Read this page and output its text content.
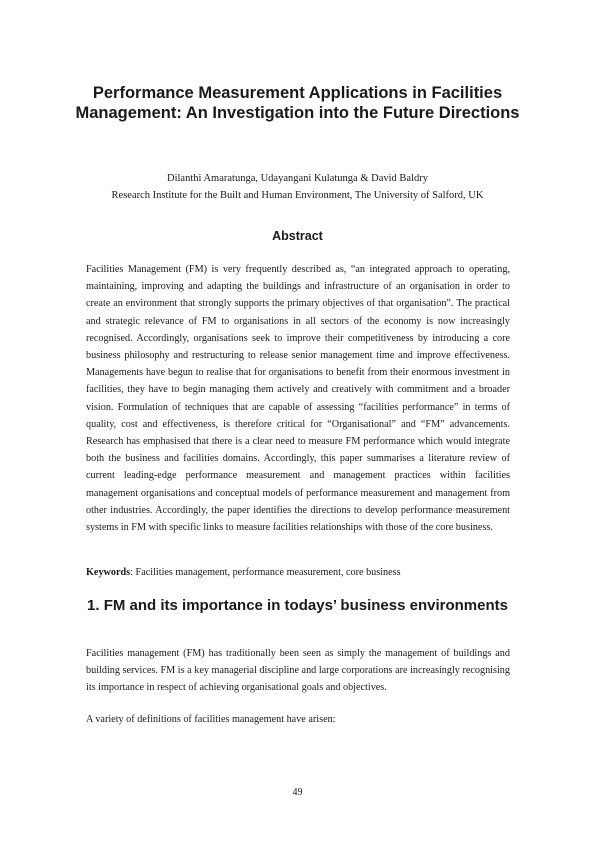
Performance Measurement Applications in Facilities Management: An Investigation into the Future Directions
Dilanthi Amaratunga, Udayangani Kulatunga & David Baldry
Research Institute for the Built and Human Environment, The University of Salford, UK
Abstract

Facilities Management (FM) is very frequently described as, “an integrated approach to operating, maintaining, improving and adapting the buildings and infrastructure of an organisation in order to create an environment that strongly supports the primary objectives of that organisation”. The practical and strategic relevance of FM to organisations in all sectors of the economy is now increasingly recognised. Accordingly, organisations seek to improve their competitiveness by introducing a core business philosophy and restructuring to release senior management time and improve effectiveness. Managements have begun to realise that for organisations to benefit from their enormous investment in facilities, they have to begin managing them actively and creatively with commitment and a broader vision. Formulation of techniques that are capable of assessing “facilities performance” in terms of quality, cost and effectiveness, is therefore critical for “Organisational” and “FM” advancements. Research has emphasised that there is a clear need to measure FM performance which would integrate both the business and facilities domains. Accordingly, this paper summarises a literature review of current leading-edge performance measurement and management practices within facilities management organisations and conceptual models of performance measurement and management from other industries. Accordingly, the paper identifies the directions to develop performance measurement systems in FM with specific links to measure facilities relationships with those of the core business.

Keywords: Facilities management, performance measurement, core business

1. FM and its importance in todays’ business environments

Facilities management (FM) has traditionally been seen as simply the management of buildings and building services. FM is a key managerial discipline and large corporations are increasingly recognising its importance in respect of achieving organisational goals and objectives.

A variety of definitions of facilities management have arisen:

49
